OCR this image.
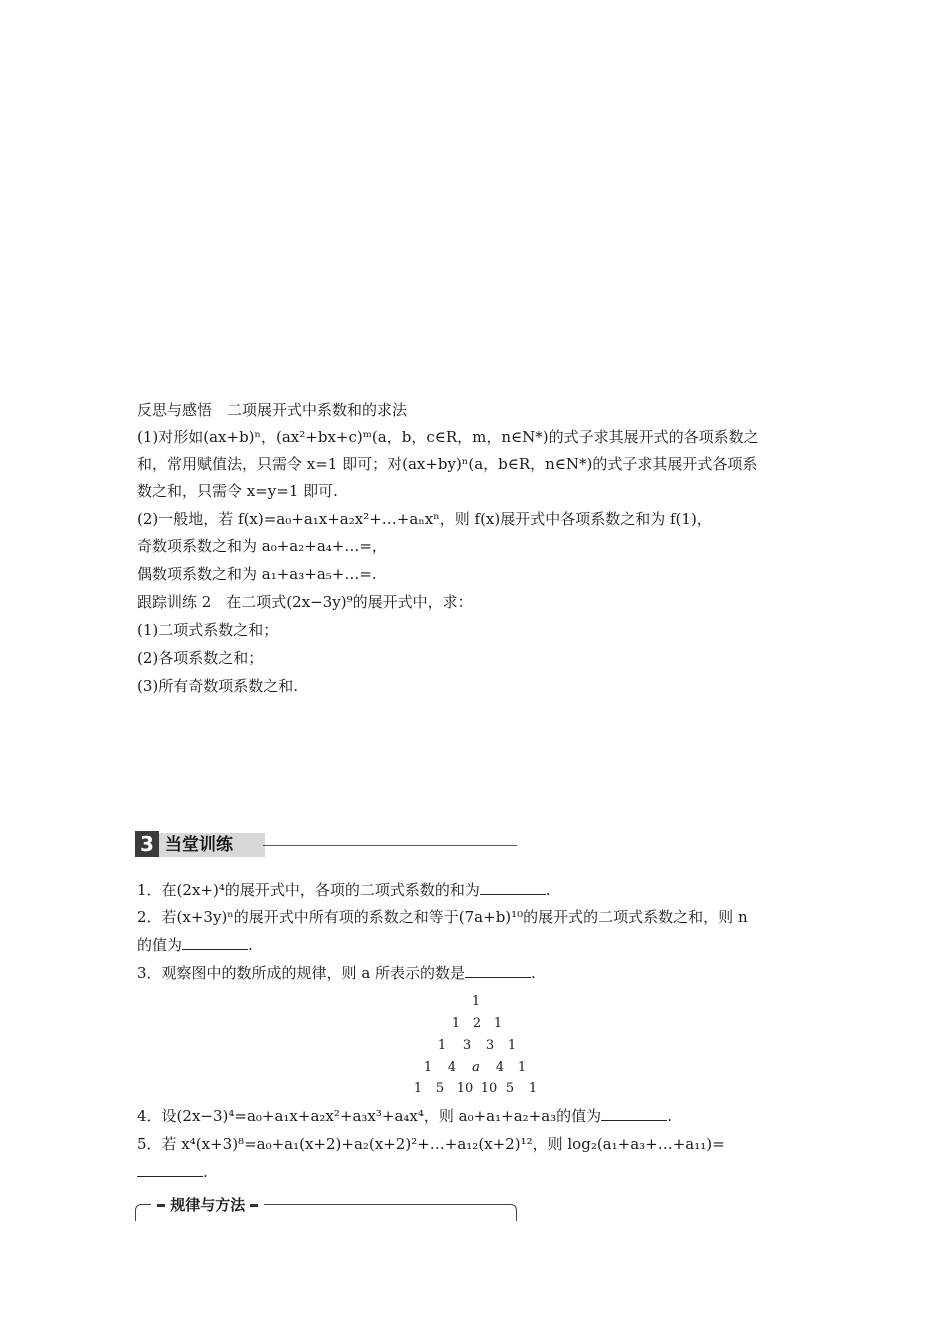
反思与感悟　二项展开式中系数和的求法
(1)对形如(ax+b)ⁿ，(ax²+bx+c)ᵐ(a，b，c∈R，m，n∈N*)的式子求其展开式的各项系数之
和，常用赋值法，只需令 x=1 即可；对(ax+by)ⁿ(a，b∈R，n∈N*)的式子求其展开式各项系
数之和，只需令 x=y=1 即可.
(2)一般地，若 f(x)=a₀+a₁x+a₂x²+…+aₙxⁿ，则 f(x)展开式中各项系数之和为 f(1)，
奇数项系数之和为 a₀+a₂+a₄+…=，
偶数项系数之和为 a₁+a₃+a₅+…=.
跟踪训练 2　在二项式(2x−3y)⁹的展开式中，求：
(1)二项式系数之和；
(2)各项系数之和；
(3)所有奇数项系数之和.
3 当堂训练
1．在(2x+)⁴的展开式中，各项的二项式系数的和为	.
2．若(x+3y)ⁿ的展开式中所有项的系数之和等于(7a+b)¹⁰的展开式的二项式系数之和，则 n
的值为	.
3．观察图中的数所成的规律，则 a 所表示的数是	.
1
1 2 1
1	3	3	1
1	4	a	4	1
1	5 10 10 5	1
4．设(2x−3)⁴=a₀+a₁x+a₂x²+a₃x³+a₄x⁴，则 a₀+a₁+a₂+a₃的值为	.
5．若 x⁴(x+3)⁸=a₀+a₁(x+2)+a₂(x+2)²+…+a₁₂(x+2)¹²，则 log₂(a₁+a₃+…+a₁₁)=
.
规律与方法
